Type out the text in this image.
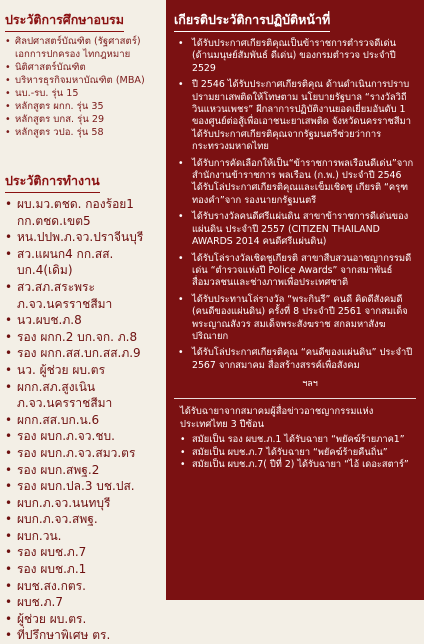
ประวัติการศึกษาอบรม
• ศิลปศาสตร์บัณฑิต (รัฐศาสตร์)
เอกการปกครอง ไทกฎหมาย
• นิติศาสตร์บัณฑิต
• บริหารธุรกิจมหาบัณฑิต (MBA)
• นบ.-รบ. รุ่น 15
• หลักสูตร ผกก. รุ่น 35
• หลักสูตร บกส. รุ่น 29
• หลักสูตร วปอ. รุ่น 58
ประวัติการทำงาน
• ผบ.มว.ตชด. กองร้อย1
กก.ตชด.เขต5
• หน.ปปพ.ภ.จว.ปราจีนบุรี
• สว.แผนก4 กก.สส.
บก.4(เดิม)
• สว.สภ.สระพระ
ภ.จว.นครราชสีมา
• นว.ผบช.ภ.8
• รอง ผกก.2 บก.จก. ภ.8
• รอง ผกก.สส.บก.สส.ภ.9
• นว. ผู้ช่วย ผบ.ตร
• ผกก.สภ.สูงเนิน
ภ.จว.นครราชสีมา
• ผกก.สส.บก.น.6
• รอง ผบก.ภ.จว.ชบ.
• รอง ผบก.ภ.จว.สมว.ตร
• รอง ผบก.สพฐ.2
• รอง ผบก.ปล.3 บช.ปส.
• ผบก.ภ.จว.นนทบุรี
• ผบก.ภ.จว.สพฐ.
• ผบก.วน.
• รอง ผบช.ภ.7
• รอง ผบช.ภ.1
• ผบช.สง.กตร.
• ผบช.ภ.7
• ผู้ช่วย ผบ.ตร.
• ที่ปรึกษาพิเศษ ตร.
เกียรติประวัติการปฏิบัติหน้าที่
• ได้รับประกาศเกียรติคุณเป็นข้าราชการตำรวจดีเด่น (ด้านมนุษย์สัมพันธ์ ดีเด่น) ของกรมตำรวจ ประจำปี 2529
• ปี 2546 ได้รับประกาศเกียรติคุณ ด้านดำเนินการปราบปรามยาเสพติดให้โทษตาม นโยบายรัฐบาล “รางวัลวิถีวินแหวนเพชร” ผีกลาการปฏิบัติงานยอดเยี่ยมอันดับ 1 ของศูนย์ต่อสู้เพื่อเอาชนะยาเสพติด จังหวัดนครราชสีมา ได้รับประกาศเกียรติคุณจากรัฐมนตรีช่วยว่าการกระทรวงมหาดไทย
• ได้รับการคัดเลือกให้เป็น“ข้าราชการพลเรือนดีเด่น”จากสำนักงานข้าราชการ พลเรือน (ก.พ.) ประจำปี 2546 ได้รับโล่ประกาศเกียรติคุณและเข็มเชิดชู เกียรติ “ครุฑทองคำ”จาก รองนายกรัฐมนตรี
• ได้รับรางวัลคนดีศรีแผ่นดิน สาขาข้าราชการดีเด่นของแผ่นดิน ประจำปี 2557 (CITIZEN THAILAND AWARDS 2014 คนดีศรีแผ่นดิน)
• ได้รับโล่รางวัลเชิดชูเกียรติ สาขาสืบสวนอาชญากรรมดีเด่น “ตำรวจแห่งปี Police Awards” จากสมาพันธ์สื่อมวลชนและช่างภาพเพื่อประเทศชาติ
• ได้รับประทานโล่รางวัล “พระกินรี” คนดี คิดดีสังคมดี (คนดีของแผ่นดิน) ครั้งที่ 8 ประจำปี 2561 จากสมเด็จพระญาณสังวร สมเด็จพระสังฆราช สกลมหาสังฆปริณายก
• ได้รับโล่ประกาศเกียรติคุณ “คนดีของแผ่นดิน” ประจำปี 2567 จากสมาคม สื่อสร้างสรรค์เพื่อสังคม
ฯลฯ
ได้รับฉายาจากสมาคมผู้สื่อข่าวอาชญากรรมแห่งประเทศไทย 3 ปีซ้อน
• สมัยเป็น รอง ผบช.ภ.1 ได้รับฉายา “พยัคฆ์ร้ายภาค1”
• สมัยเป็น ผบช.ภ.7 ได้รับฉายา “พยัคฆ์ร้ายคืนถิ่น”
• สมัยเป็น ผบช.ภ.7( ปีที่ 2) ได้รับฉายา “ไอ้ เดอะสตาร์”
